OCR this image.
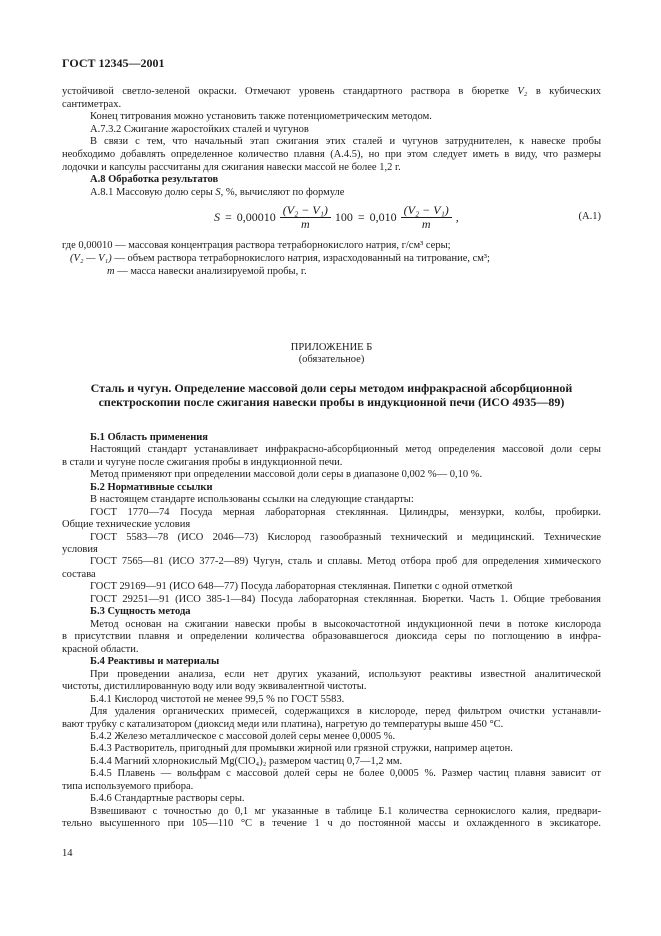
ГОСТ 12345—2001
устойчивой светло-зеленой окраски. Отмечают уровень стандартного раствора в бюретке V₂ в кубических
сантиметрах.
Конец титрования можно установить также потенциометрическим методом.
А.7.3.2 Сжигание жаростойких сталей и чугунов
В связи с тем, что начальный этап сжигания этих сталей и чугунов затруднителен, к навеске пробы
необходимо добавлять определенное количество плавня (А.4.5), но при этом следует иметь в виду, что размеры
лодочки и капсулы рассчитаны для сжигания навески массой не более 1,2 г.
А.8 Обработка результатов
А.8.1 Массовую долю серы S, %, вычисляют по формуле
$S = 0,00010 \frac{\text{(V₂ − V₁)}}{m} 100 = 0,010 \frac{\text{(V₂ − V₁)}}{m}$ ,	(А.1)
где 0,00010 — массовая концентрация раствора тетраборнокислого натрия, г/см³ серы;
(V₂ — V₁) — объем раствора тетраборнокислого натрия, израсходованный на титрование, см³;
m — масса навески анализируемой пробы, г.
ПРИЛОЖЕНИЕ Б
(обязательное)
Сталь и чугун. Определение массовой доли серы методом инфракрасной абсорбционной
спектроскопии после сжигания навески пробы в индукционной печи (ИСО 4935—89)
Б.1 Область применения
Настоящий стандарт устанавливает инфракрасно-абсорбционный метод определения массовой доли серы
в стали и чугуне после сжигания пробы в индукционной печи.
Метод применяют при определении массовой доли серы в диапазоне 0,002 %— 0,10 %.
Б.2 Нормативные ссылки
В настоящем стандарте использованы ссылки на следующие стандарты:
ГОСТ 1770—74 Посуда мерная лабораторная стеклянная. Цилиндры, мензурки, колбы, пробирки.
Общие технические условия
ГОСТ 5583—78 (ИСО 2046—73) Кислород газообразный технический и медицинский. Технические
условия
ГОСТ 7565—81 (ИСО 377-2—89) Чугун, сталь и сплавы. Метод отбора проб для определения химического
состава
ГОСТ 29169—91 (ИСО 648—77) Посуда лабораторная стеклянная. Пипетки с одной отметкой
ГОСТ 29251—91 (ИСО 385-1—84) Посуда лабораторная стеклянная. Бюретки. Часть 1. Общие требования
Б.3 Сущность метода
Метод основан на сжигании навески пробы в высокочастотной индукционной печи в потоке кислорода
в присутствии плавня и определении количества образовавшегося диоксида серы по поглощению в инфра-
красной области.
Б.4 Реактивы и материалы
При проведении анализа, если нет других указаний, используют реактивы известной аналитической
чистоты, дистиллированную воду или воду эквивалентной чистоты.
Б.4.1 Кислород чистотой не менее 99,5 % по ГОСТ 5583.
Для удаления органических примесей, содержащихся в кислороде, перед фильтром очистки устанавли-
вают трубку с катализатором (диоксид меди или платина), нагретую до температуры выше 450 °С.
Б.4.2 Железо металлическое с массовой долей серы менее 0,0005 %.
Б.4.3 Растворитель, пригодный для промывки жирной или грязной стружки, например ацетон.
Б.4.4 Магний хлорнокислый Mg(ClO₄)₂ размером частиц 0,7—1,2 мм.
Б.4.5 Плавень — вольфрам с массовой долей серы не более 0,0005 %. Размер частиц плавня зависит от
типа используемого прибора.
Б.4.6 Стандартные растворы серы.
Взвешивают с точностью до 0,1 мг указанные в таблице Б.1 количества сернокислого калия, предвари-
тельно высушенного при 105—110 °С в течение 1 ч до постоянной массы и охлажденного в эксикаторе.
14
